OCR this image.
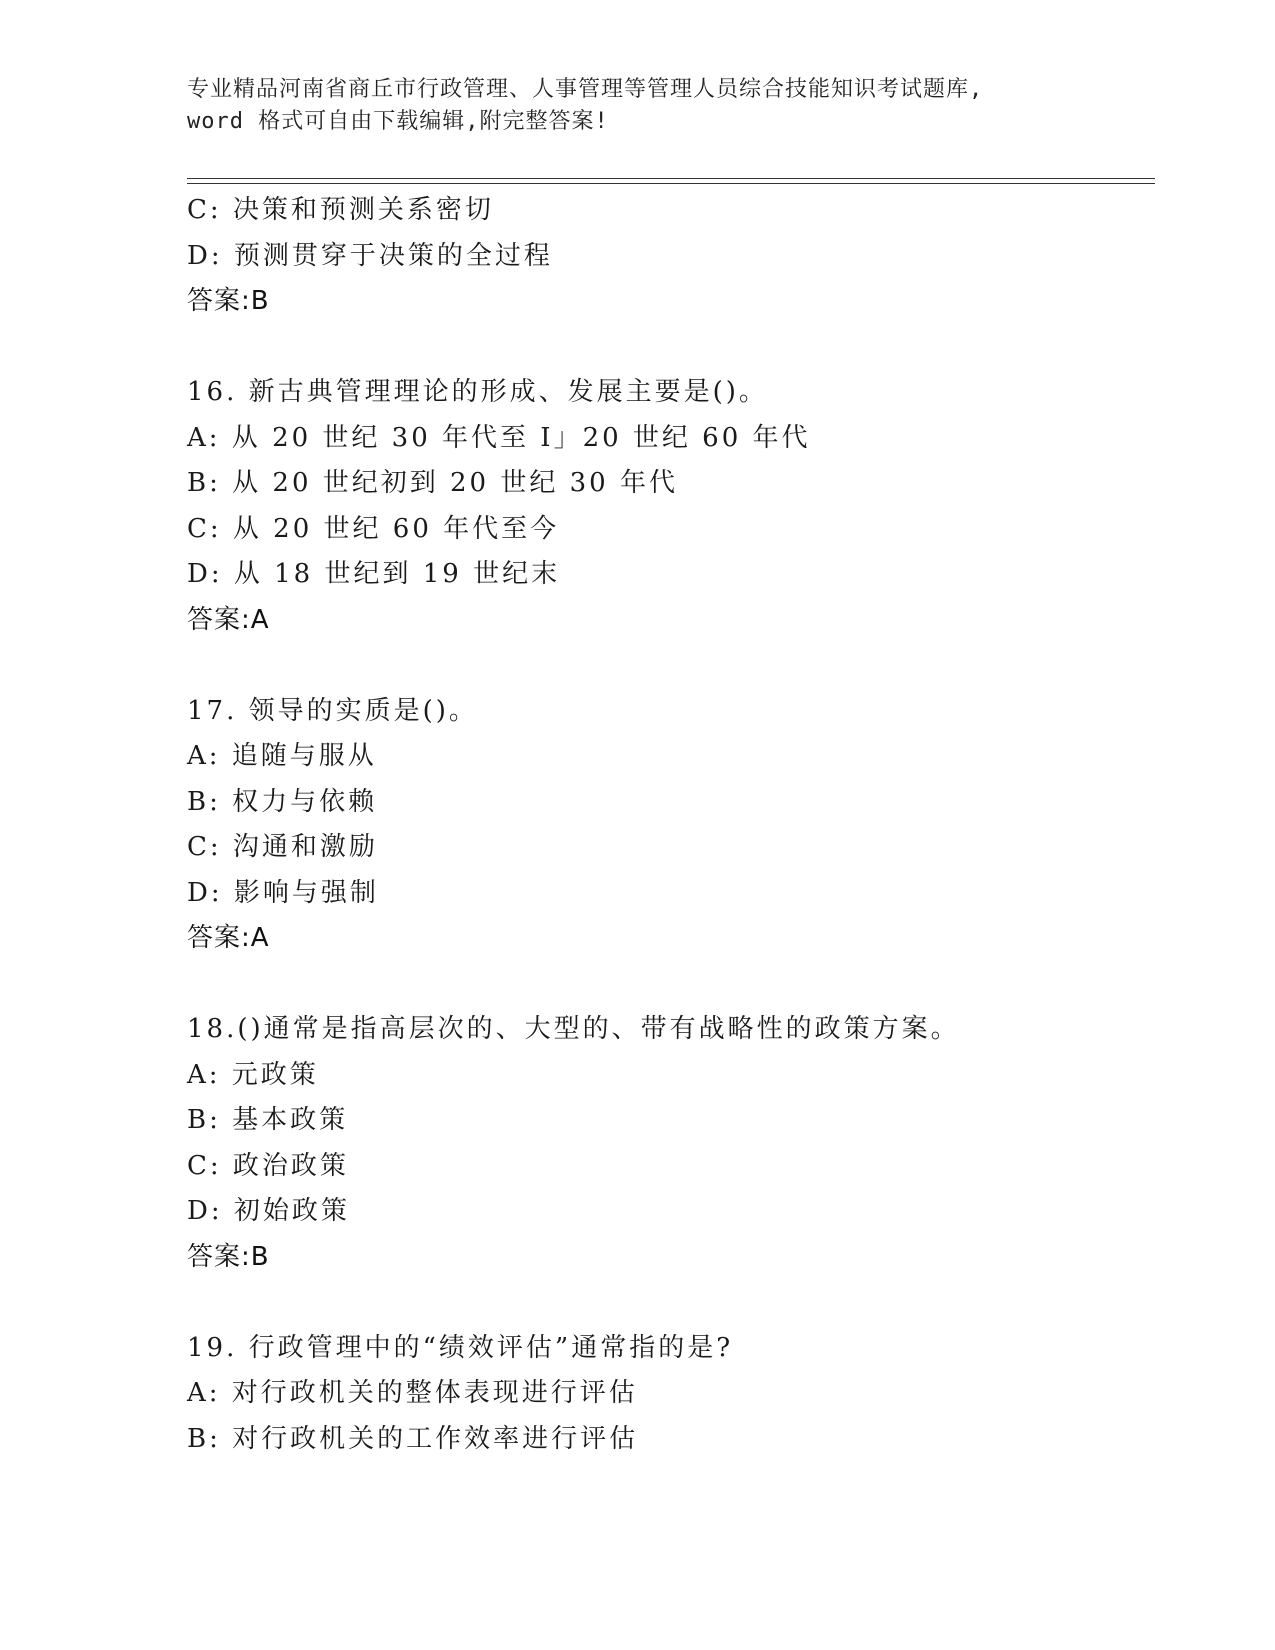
专业精品河南省商丘市行政管理、人事管理等管理人员综合技能知识考试题库,
word 格式可自由下载编辑,附完整答案!
C: 决策和预测关系密切
D: 预测贯穿于决策的全过程
答案:B
16. 新古典管理理论的形成、发展主要是()。
A: 从 20 世纪 30 年代至 I」20 世纪 60 年代
B: 从 20 世纪初到 20 世纪 30 年代
C: 从 20 世纪 60 年代至今
D: 从 18 世纪到 19 世纪末
答案:A
17. 领导的实质是()。
A: 追随与服从
B: 权力与依赖
C: 沟通和激励
D: 影响与强制
答案:A
18.()通常是指高层次的、大型的、带有战略性的政策方案。
A: 元政策
B: 基本政策
C: 政治政策
D: 初始政策
答案:B
19. 行政管理中的“绩效评估”通常指的是?
A: 对行政机关的整体表现进行评估
B: 对行政机关的工作效率进行评估
